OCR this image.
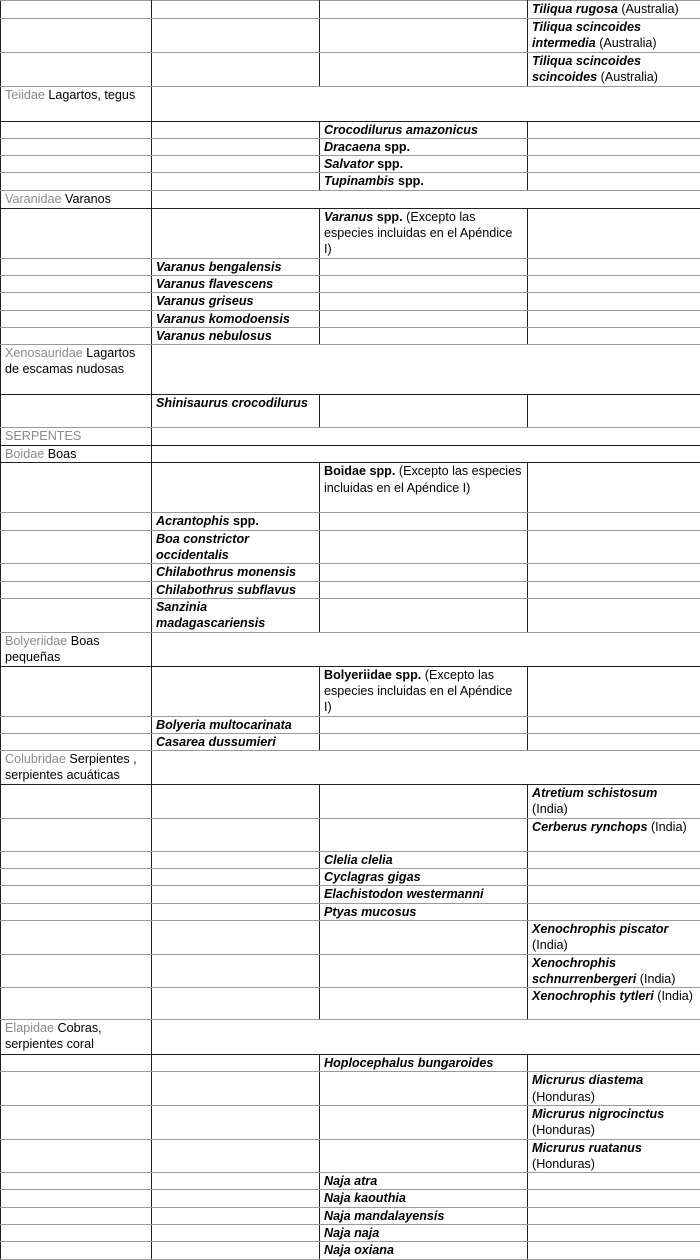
			Tiliqua rugosa (Australia)
			Tiliqua scincoides intermedia (Australia)
			Tiliqua scincoides scincoides (Australia)
Teiidae Lagartos, tegus			
		Crocodilurus amazonicus	
		Dracaena spp.	
		Salvator spp.	
		Tupinambis spp.	
Varanidae Varanos			
		Varanus spp. (Excepto las especies incluidas en el Apéndice I)	
	Varanus bengalensis		
	Varanus flavescens		
	Varanus griseus		
	Varanus komodoensis		
	Varanus nebulosus		
Xenosauridae Lagartos de escamas nudosas			
	Shinisaurus crocodilurus		
SERPENTES			
Boidae Boas			
		Boidae spp. (Excepto las especies incluidas en el Apéndice I)	
	Acrantophis spp.		
	Boa constrictor occidentalis		
	Chilabothrus monensis		
	Chilabothrus subflavus		
	Sanzinia madagascariensis		
Bolyeriidae Boas pequeñas			
		Bolyeriidae spp. (Excepto las especies incluidas en el Apéndice I)	
	Bolyeria multocarinata		
	Casarea dussumieri		
Colubridae Serpientes , serpientes acuáticas			
			Atretium schistosum (India)
			Cerberus rynchops (India)
		Clelia clelia	
		Cyclagras gigas	
		Elachistodon westermanni	
		Ptyas mucosus	
			Xenochrophis piscator (India)
			Xenochrophis schnurrenbergeri (India)
			Xenochrophis tytleri (India)
Elapidae Cobras, serpientes coral			
		Hoplocephalus bungaroides	
			Micrurus diastema (Honduras)
			Micrurus nigrocinctus (Honduras)
			Micrurus ruatanus (Honduras)
		Naja atra	
		Naja kaouthia	
		Naja mandalayensis	
		Naja naja	
		Naja oxiana	
